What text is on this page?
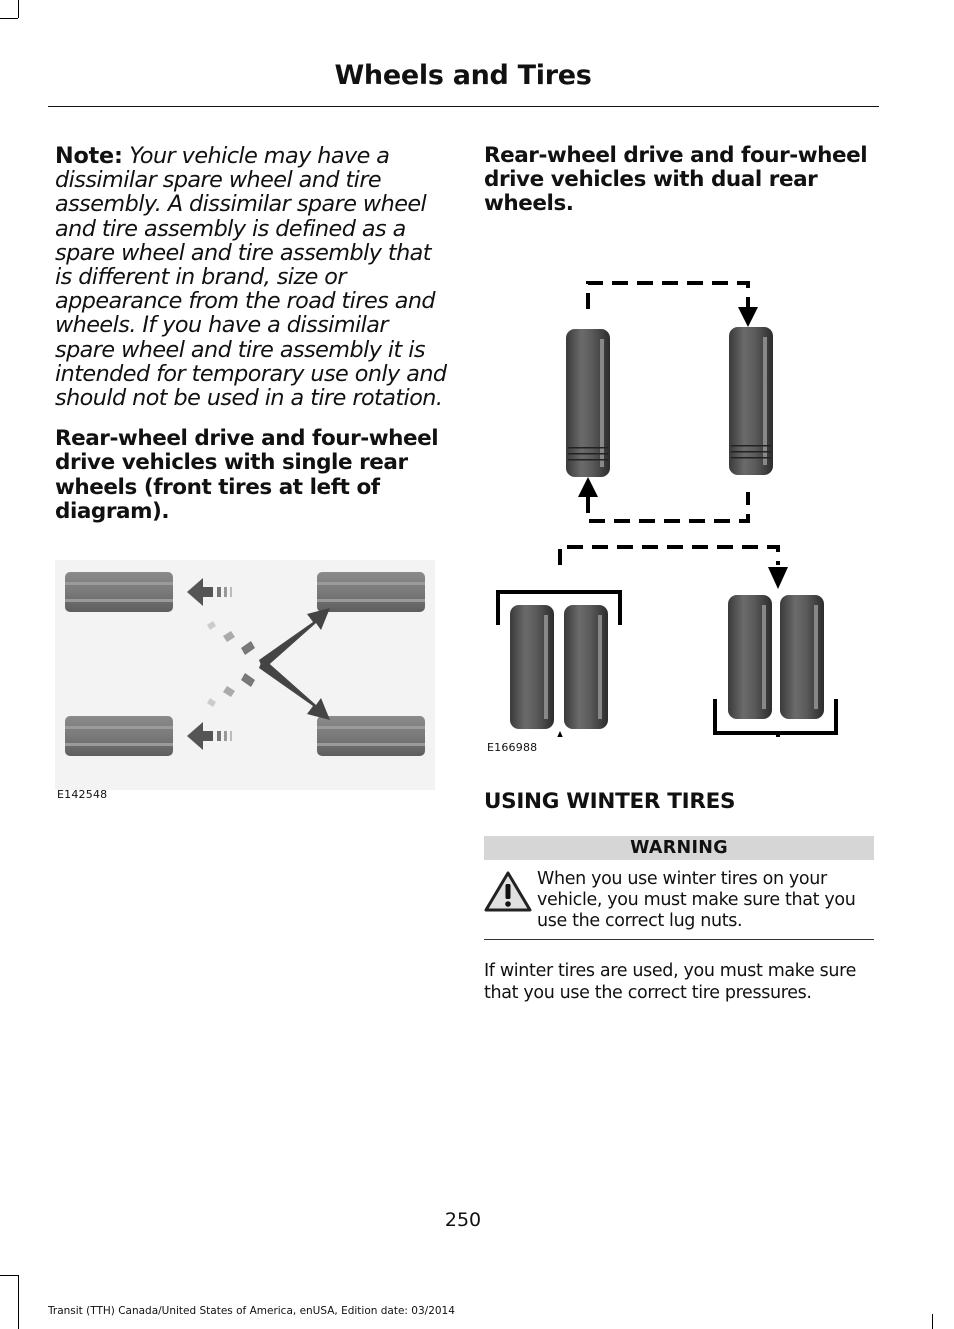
Wheels and Tires

Note: Your vehicle may have a dissimilar spare wheel and tire assembly. A dissimilar spare wheel and tire assembly is defined as a spare wheel and tire assembly that is different in brand, size or appearance from the road tires and wheels. If you have a dissimilar spare wheel and tire assembly it is intended for temporary use only and should not be used in a tire rotation.

Rear-wheel drive and four-wheel drive vehicles with single rear wheels (front tires at left of diagram).

E142548

Rear-wheel drive and four-wheel drive vehicles with dual rear wheels.

E166988

USING WINTER TIRES

WARNING
When you use winter tires on your vehicle, you must make sure that you use the correct lug nuts.

If winter tires are used, you must make sure that you use the correct tire pressures.

250
Transit (TTH) Canada/United States of America, enUSA, Edition date: 03/2014
